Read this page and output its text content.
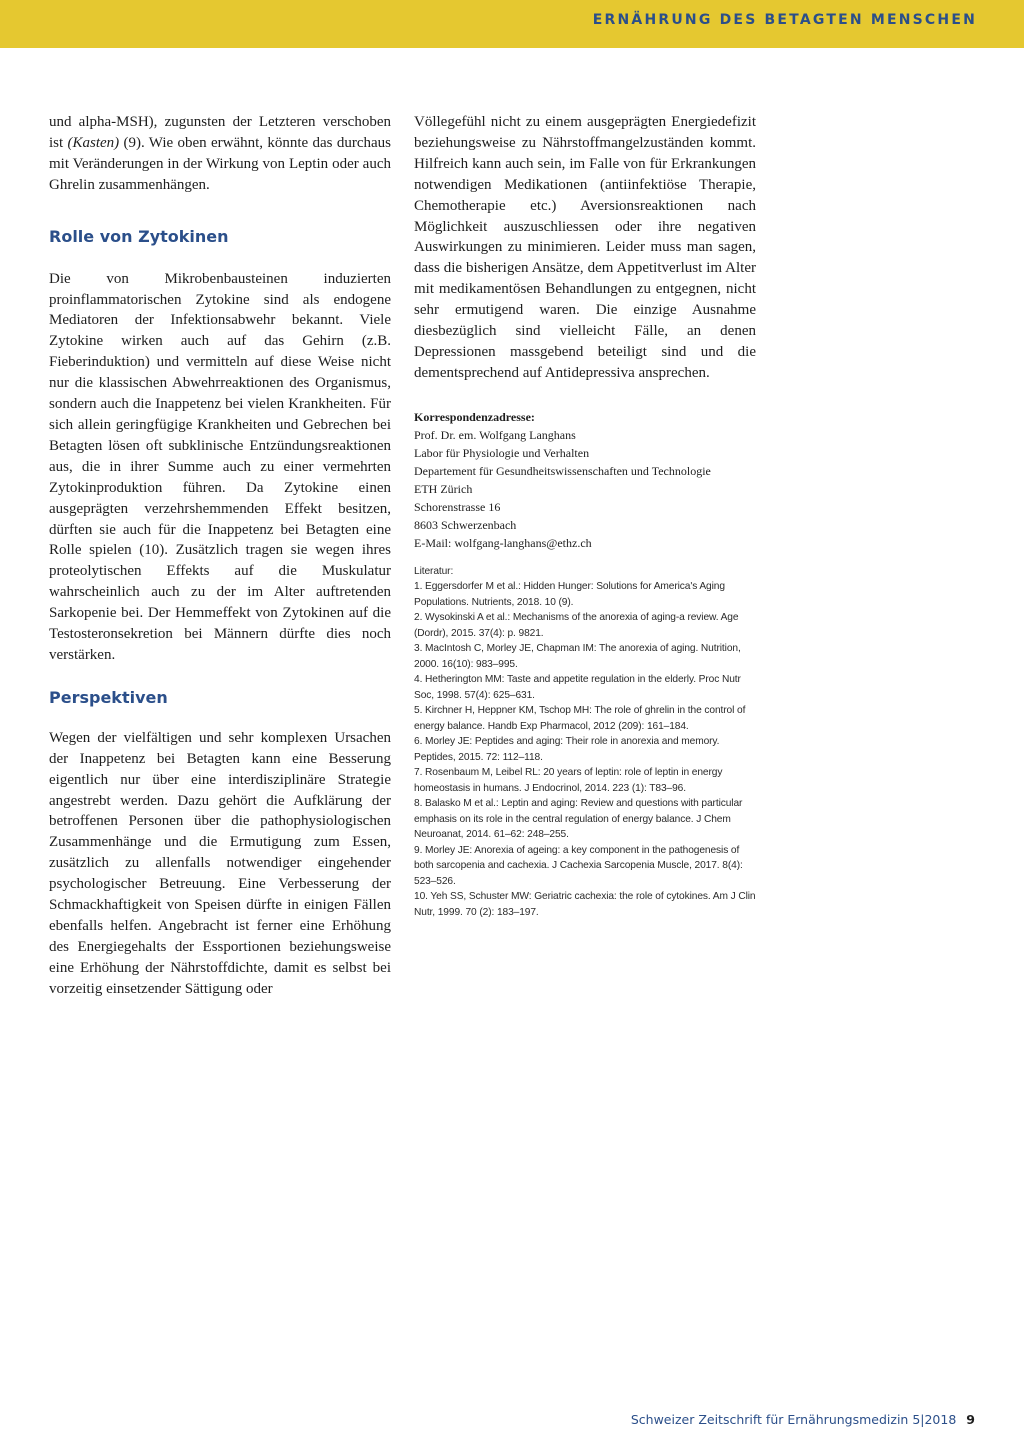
ERNÄHRUNG DES BETAGTEN MENSCHEN

und alpha-MSH), zugunsten der Letzteren verschoben ist (Kasten) (9). Wie oben erwähnt, könnte das durchaus mit Veränderungen in der Wirkung von Leptin oder auch Ghrelin zusammenhängen.

Rolle von Zytokinen

Die von Mikrobenbausteinen induzierten proinflammatorischen Zytokine sind als endogene Mediatoren der Infektionsabwehr bekannt. Viele Zytokine wirken auch auf das Gehirn (z.B. Fieberinduktion) und vermitteln auf diese Weise nicht nur die klassischen Abwehrreaktionen des Organismus, sondern auch die Inappetenz bei vielen Krankheiten. Für sich allein geringfügige Krankheiten und Gebrechen bei Betagten lösen oft subklinische Entzündungsreaktionen aus, die in ihrer Summe auch zu einer vermehrten Zytokinproduktion führen. Da Zytokine einen ausgeprägten verzehrshemmenden Effekt besitzen, dürften sie auch für die Inappetenz bei Betagten eine Rolle spielen (10). Zusätzlich tragen sie wegen ihres proteolytischen Effekts auf die Muskulatur wahrscheinlich auch zu der im Alter auftretenden Sarkopenie bei. Der Hemmeffekt von Zytokinen auf die Testosteronsekretion bei Männern dürfte dies noch verstärken.

Perspektiven

Wegen der vielfältigen und sehr komplexen Ursachen der Inappetenz bei Betagten kann eine Besserung eigentlich nur über eine interdisziplinäre Strategie angestrebt werden. Dazu gehört die Aufklärung der betroffenen Personen über die pathophysiologischen Zusammenhänge und die Ermutigung zum Essen, zusätzlich zu allenfalls notwendiger eingehender psychologischer Betreuung. Eine Verbesserung der Schmackhaftigkeit von Speisen dürfte in einigen Fällen ebenfalls helfen. Angebracht ist ferner eine Erhöhung des Energiegehalts der Essportionen beziehungsweise eine Erhöhung der Nährstoffdichte, damit es selbst bei vorzeitig einsetzender Sättigung oder

Völlegefühl nicht zu einem ausgeprägten Energiedefizit beziehungsweise zu Nährstoffmangelzuständen kommt. Hilfreich kann auch sein, im Falle von für Erkrankungen notwendigen Medikationen (antiinfektiöse Therapie, Chemotherapie etc.) Aversionsreaktionen nach Möglichkeit auszuschliessen oder ihre negativen Auswirkungen zu minimieren. Leider muss man sagen, dass die bisherigen Ansätze, dem Appetitverlust im Alter mit medikamentösen Behandlungen zu entgegnen, nicht sehr ermutigend waren. Die einzige Ausnahme diesbezüglich sind vielleicht Fälle, an denen Depressionen massgebend beteiligt sind und die dementsprechend auf Antidepressiva ansprechen.

Korrespondenzadresse:
Prof. Dr. em. Wolfgang Langhans
Labor für Physiologie und Verhalten
Departement für Gesundheitswissenschaften und Technologie
ETH Zürich
Schorenstrasse 16
8603 Schwerzenbach
E-Mail: wolfgang-langhans@ethz.ch
Literatur:
1. Eggersdorfer M et al.: Hidden Hunger: Solutions for America's Aging Populations. Nutrients, 2018. 10 (9).
2. Wysokinski A et al.: Mechanisms of the anorexia of aging-a review. Age (Dordr), 2015. 37(4): p. 9821.
3. MacIntosh C, Morley JE, Chapman IM: The anorexia of aging. Nutrition, 2000. 16(10): 983–995.
4. Hetherington MM: Taste and appetite regulation in the elderly. Proc Nutr Soc, 1998. 57(4): 625–631.
5. Kirchner H, Heppner KM, Tschop MH: The role of ghrelin in the control of energy balance. Handb Exp Pharmacol, 2012 (209): 161–184.
6. Morley JE: Peptides and aging: Their role in anorexia and memory. Peptides, 2015. 72: 112–118.
7. Rosenbaum M, Leibel RL: 20 years of leptin: role of leptin in energy homeostasis in humans. J Endocrinol, 2014. 223 (1): T83–96.
8. Balasko M et al.: Leptin and aging: Review and questions with particular emphasis on its role in the central regulation of energy balance. J Chem Neuroanat, 2014. 61–62: 248–255.
9. Morley JE: Anorexia of ageing: a key component in the pathogenesis of both sarcopenia and cachexia. J Cachexia Sarcopenia Muscle, 2017. 8(4): 523–526.
10. Yeh SS, Schuster MW: Geriatric cachexia: the role of cytokines. Am J Clin Nutr, 1999. 70 (2): 183–197.
Schweizer Zeitschrift für Ernährungsmedizin 5|2018 9
